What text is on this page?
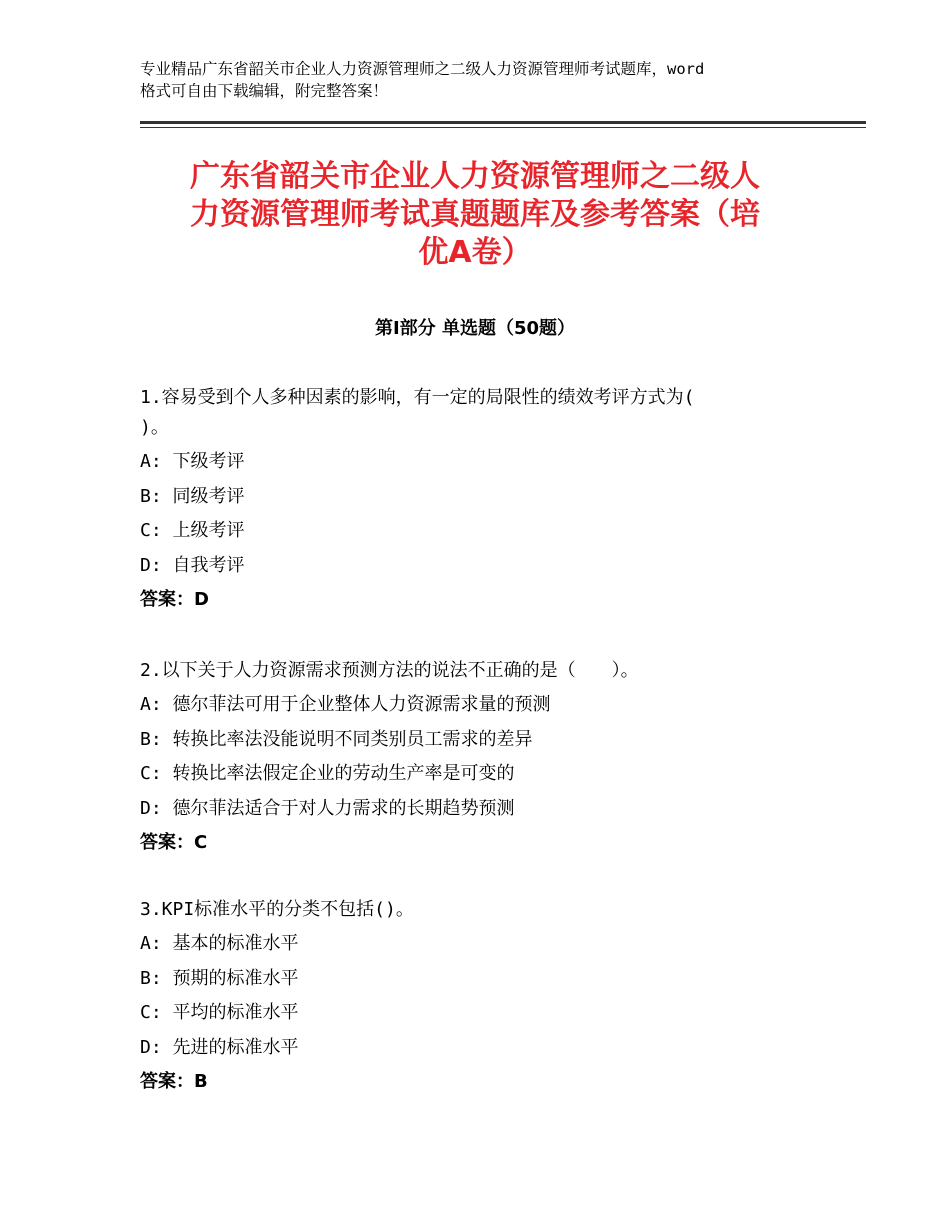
专业精品广东省韶关市企业人力资源管理师之二级人力资源管理师考试题库，word

格式可自由下载编辑，附完整答案！

广东省韶关市企业人力资源管理师之二级人
力资源管理师考试真题题库及参考答案（培
优A卷）
第Ⅰ部分 单选题（50题）

1.容易受到个人多种因素的影响，有一定的局限性的绩效考评方式为(
)。

A: 下级考评

B: 同级考评

C: 上级考评

D: 自我考评

答案：D

2.以下关于人力资源需求预测方法的说法不正确的是（　　）。

A: 德尔菲法可用于企业整体人力资源需求量的预测

B: 转换比率法没能说明不同类别员工需求的差异

C: 转换比率法假定企业的劳动生产率是可变的

D: 德尔菲法适合于对人力需求的长期趋势预测

答案：C

3.KPI标准水平的分类不包括()。

A: 基本的标准水平

B: 预期的标准水平

C: 平均的标准水平

D: 先进的标准水平

答案：B
